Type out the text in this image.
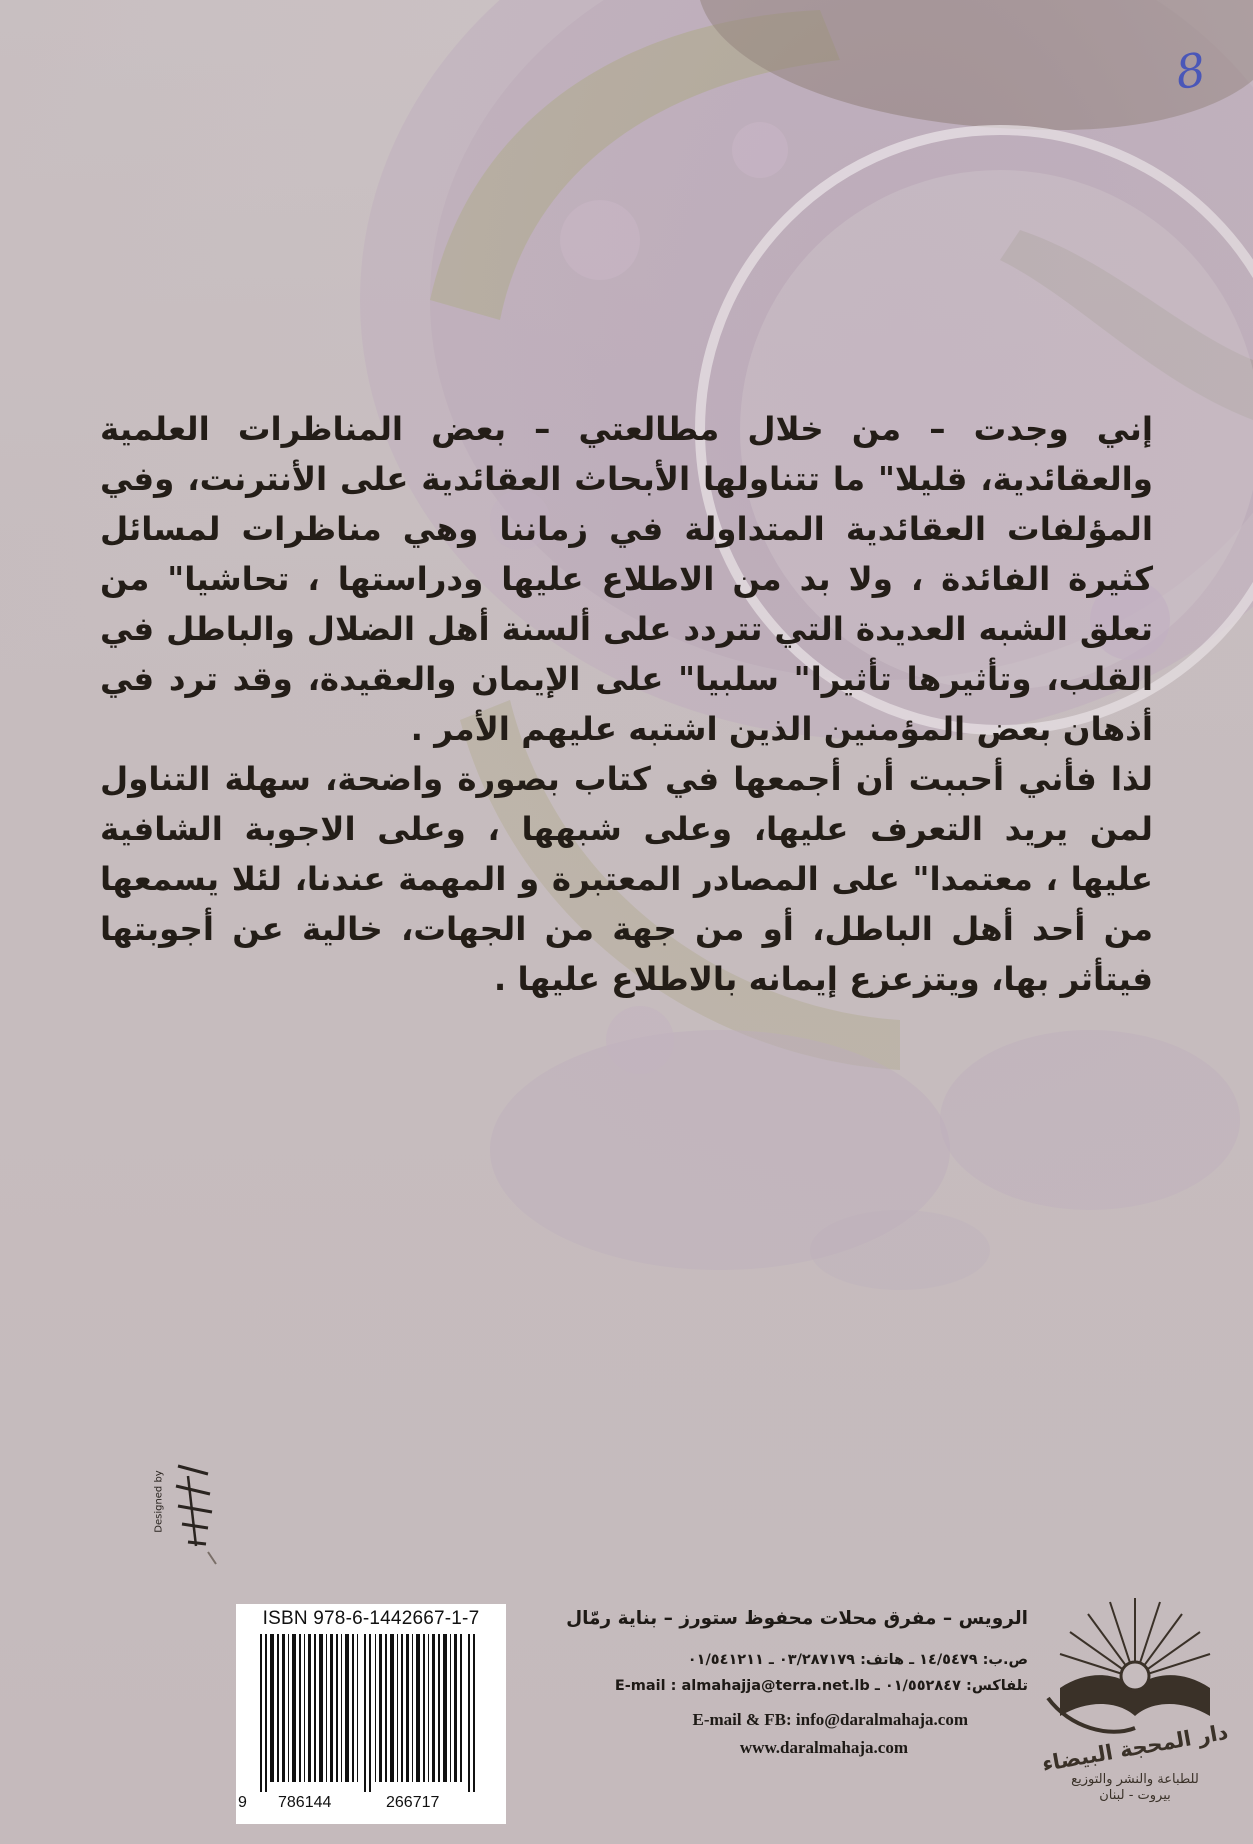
8

إني وجدت – من خلال مطالعتي – بعض المناظرات العلمية والعقائدية، قليلا" ما تتناولها الأبحاث العقائدية على الأنترنت، وفي المؤلفات العقائدية المتداولة في زماننا وهي مناظرات لمسائل كثيرة الفائدة ، ولا بد من الاطلاع عليها ودراستها ، تحاشيا" من تعلق الشبه العديدة التي تتردد على ألسنة أهل الضلال والباطل في القلب، وتأثيرها تأثيرا" سلبيا" على الإيمان والعقيدة، وقد ترد في أذهان بعض المؤمنين الذين اشتبه عليهم الأمر .

لذا فأني أحببت أن أجمعها في كتاب بصورة واضحة، سهلة التناول لمن يريد التعرف عليها، وعلى شبهها ، وعلى الاجوبة الشافية عليها ، معتمدا" على المصادر المعتبرة و المهمة عندنا، لئلا يسمعها من أحد أهل الباطل، أو من جهة من الجهات، خالية عن أجوبتها فيتأثر بها، ويتزعزع إيمانه بالاطلاع عليها .

Designed by
ISBN 978-6-1442667-1-7
9 786144	266717
الرويس – مفرق محلات محفوظ ستورز – بناية رمّال
ص.ب: ١٤/٥٤٧٩ ـ هاتف: ٠٣/٢٨٧١٧٩ ـ ٠١/٥٤١٢١١
تلفاكس: ٠١/٥٥٢٨٤٧ ـ E-mail : almahajja@terra.net.lb
E-mail & FB: info@daralmahaja.com
www.daralmahaja.com	دار المحجة البيضاء
للطباعة والنشر والتوزيع
بيروت - لبنان
